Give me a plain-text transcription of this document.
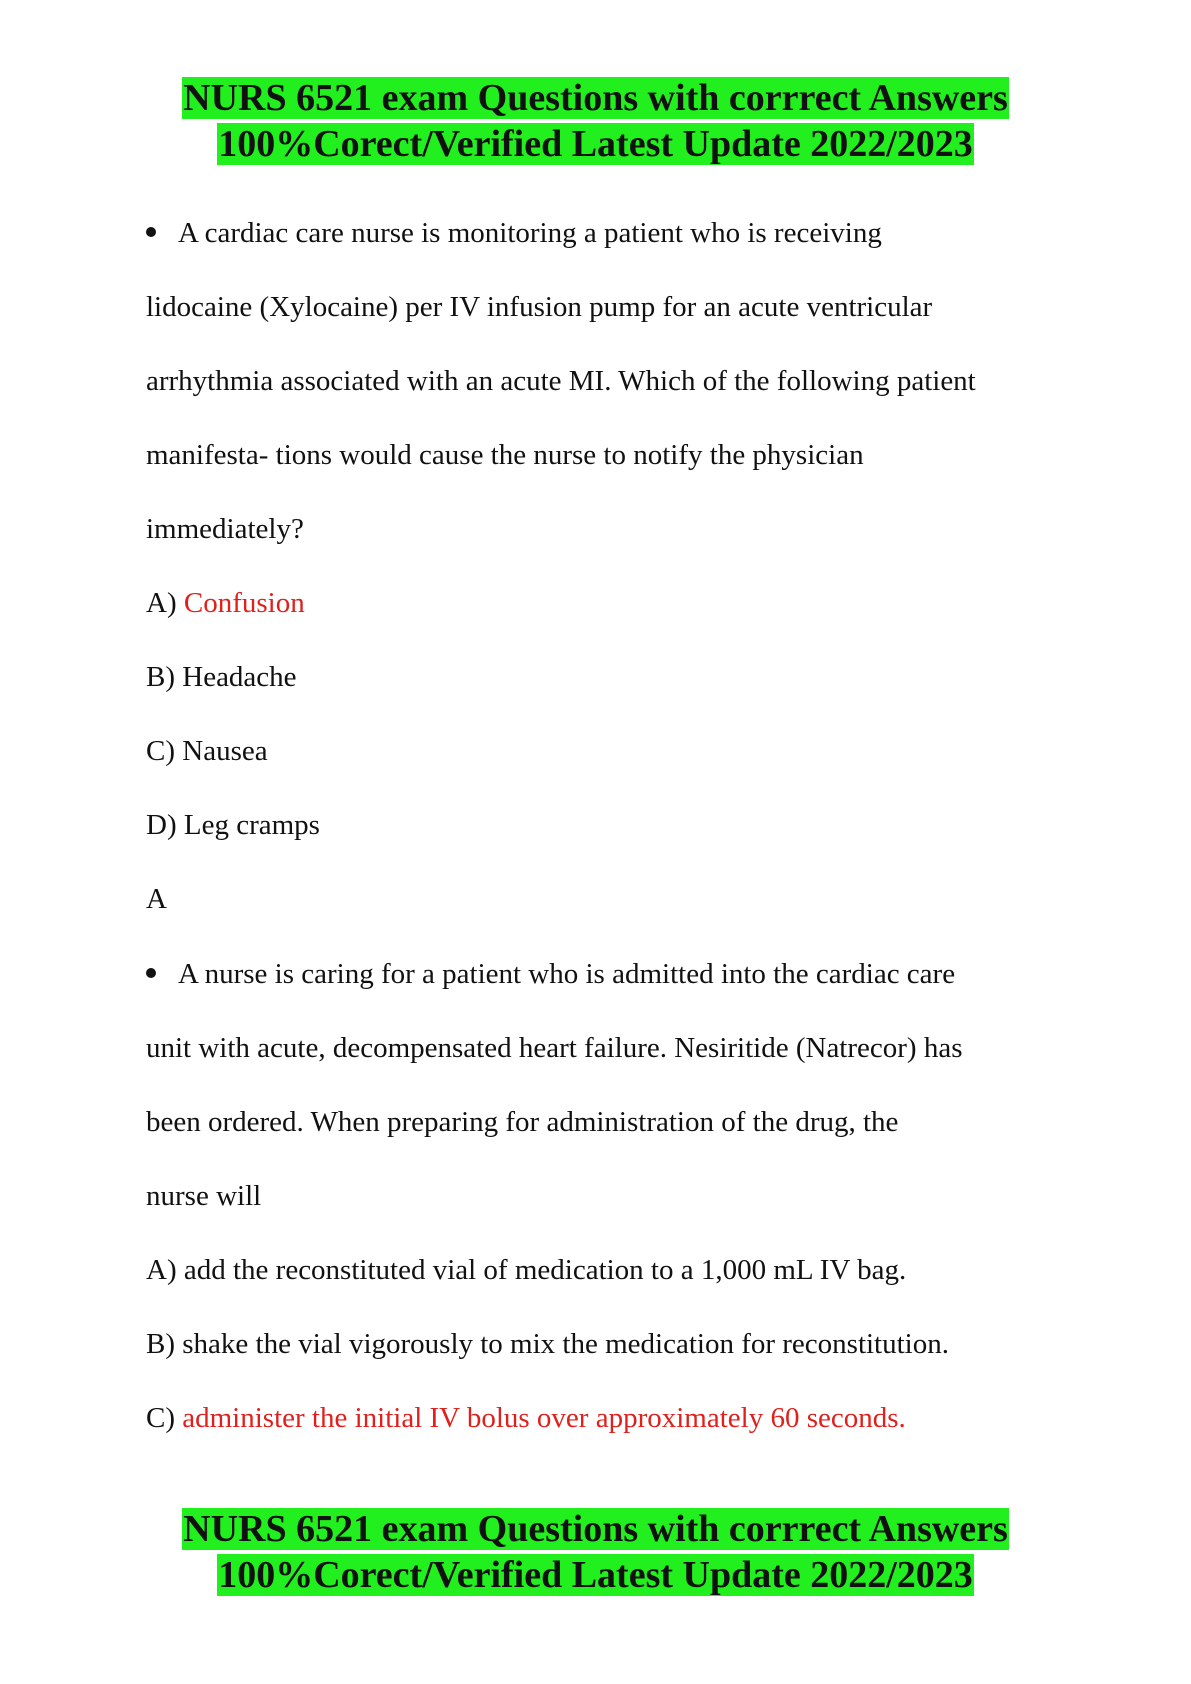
NURS 6521 exam Questions with corrrect Answers
100%Corect/Verified Latest Update 2022/2023
A cardiac care nurse is monitoring a patient who is receiving
lidocaine (Xylocaine) per IV infusion pump for an acute ventricular
arrhythmia associated with an acute MI. Which of the following patient
manifesta- tions would cause the nurse to notify the physician
immediately?
A) Confusion
B) Headache
C) Nausea
D) Leg cramps
A
A nurse is caring for a patient who is admitted into the cardiac care
unit with acute, decompensated heart failure. Nesiritide (Natrecor) has
been ordered. When preparing for administration of the drug, the
nurse will
A) add the reconstituted vial of medication to a 1,000 mL IV bag.
B) shake the vial vigorously to mix the medication for reconstitution.
C) administer the initial IV bolus over approximately 60 seconds.
NURS 6521 exam Questions with corrrect Answers
100%Corect/Verified Latest Update 2022/2023
